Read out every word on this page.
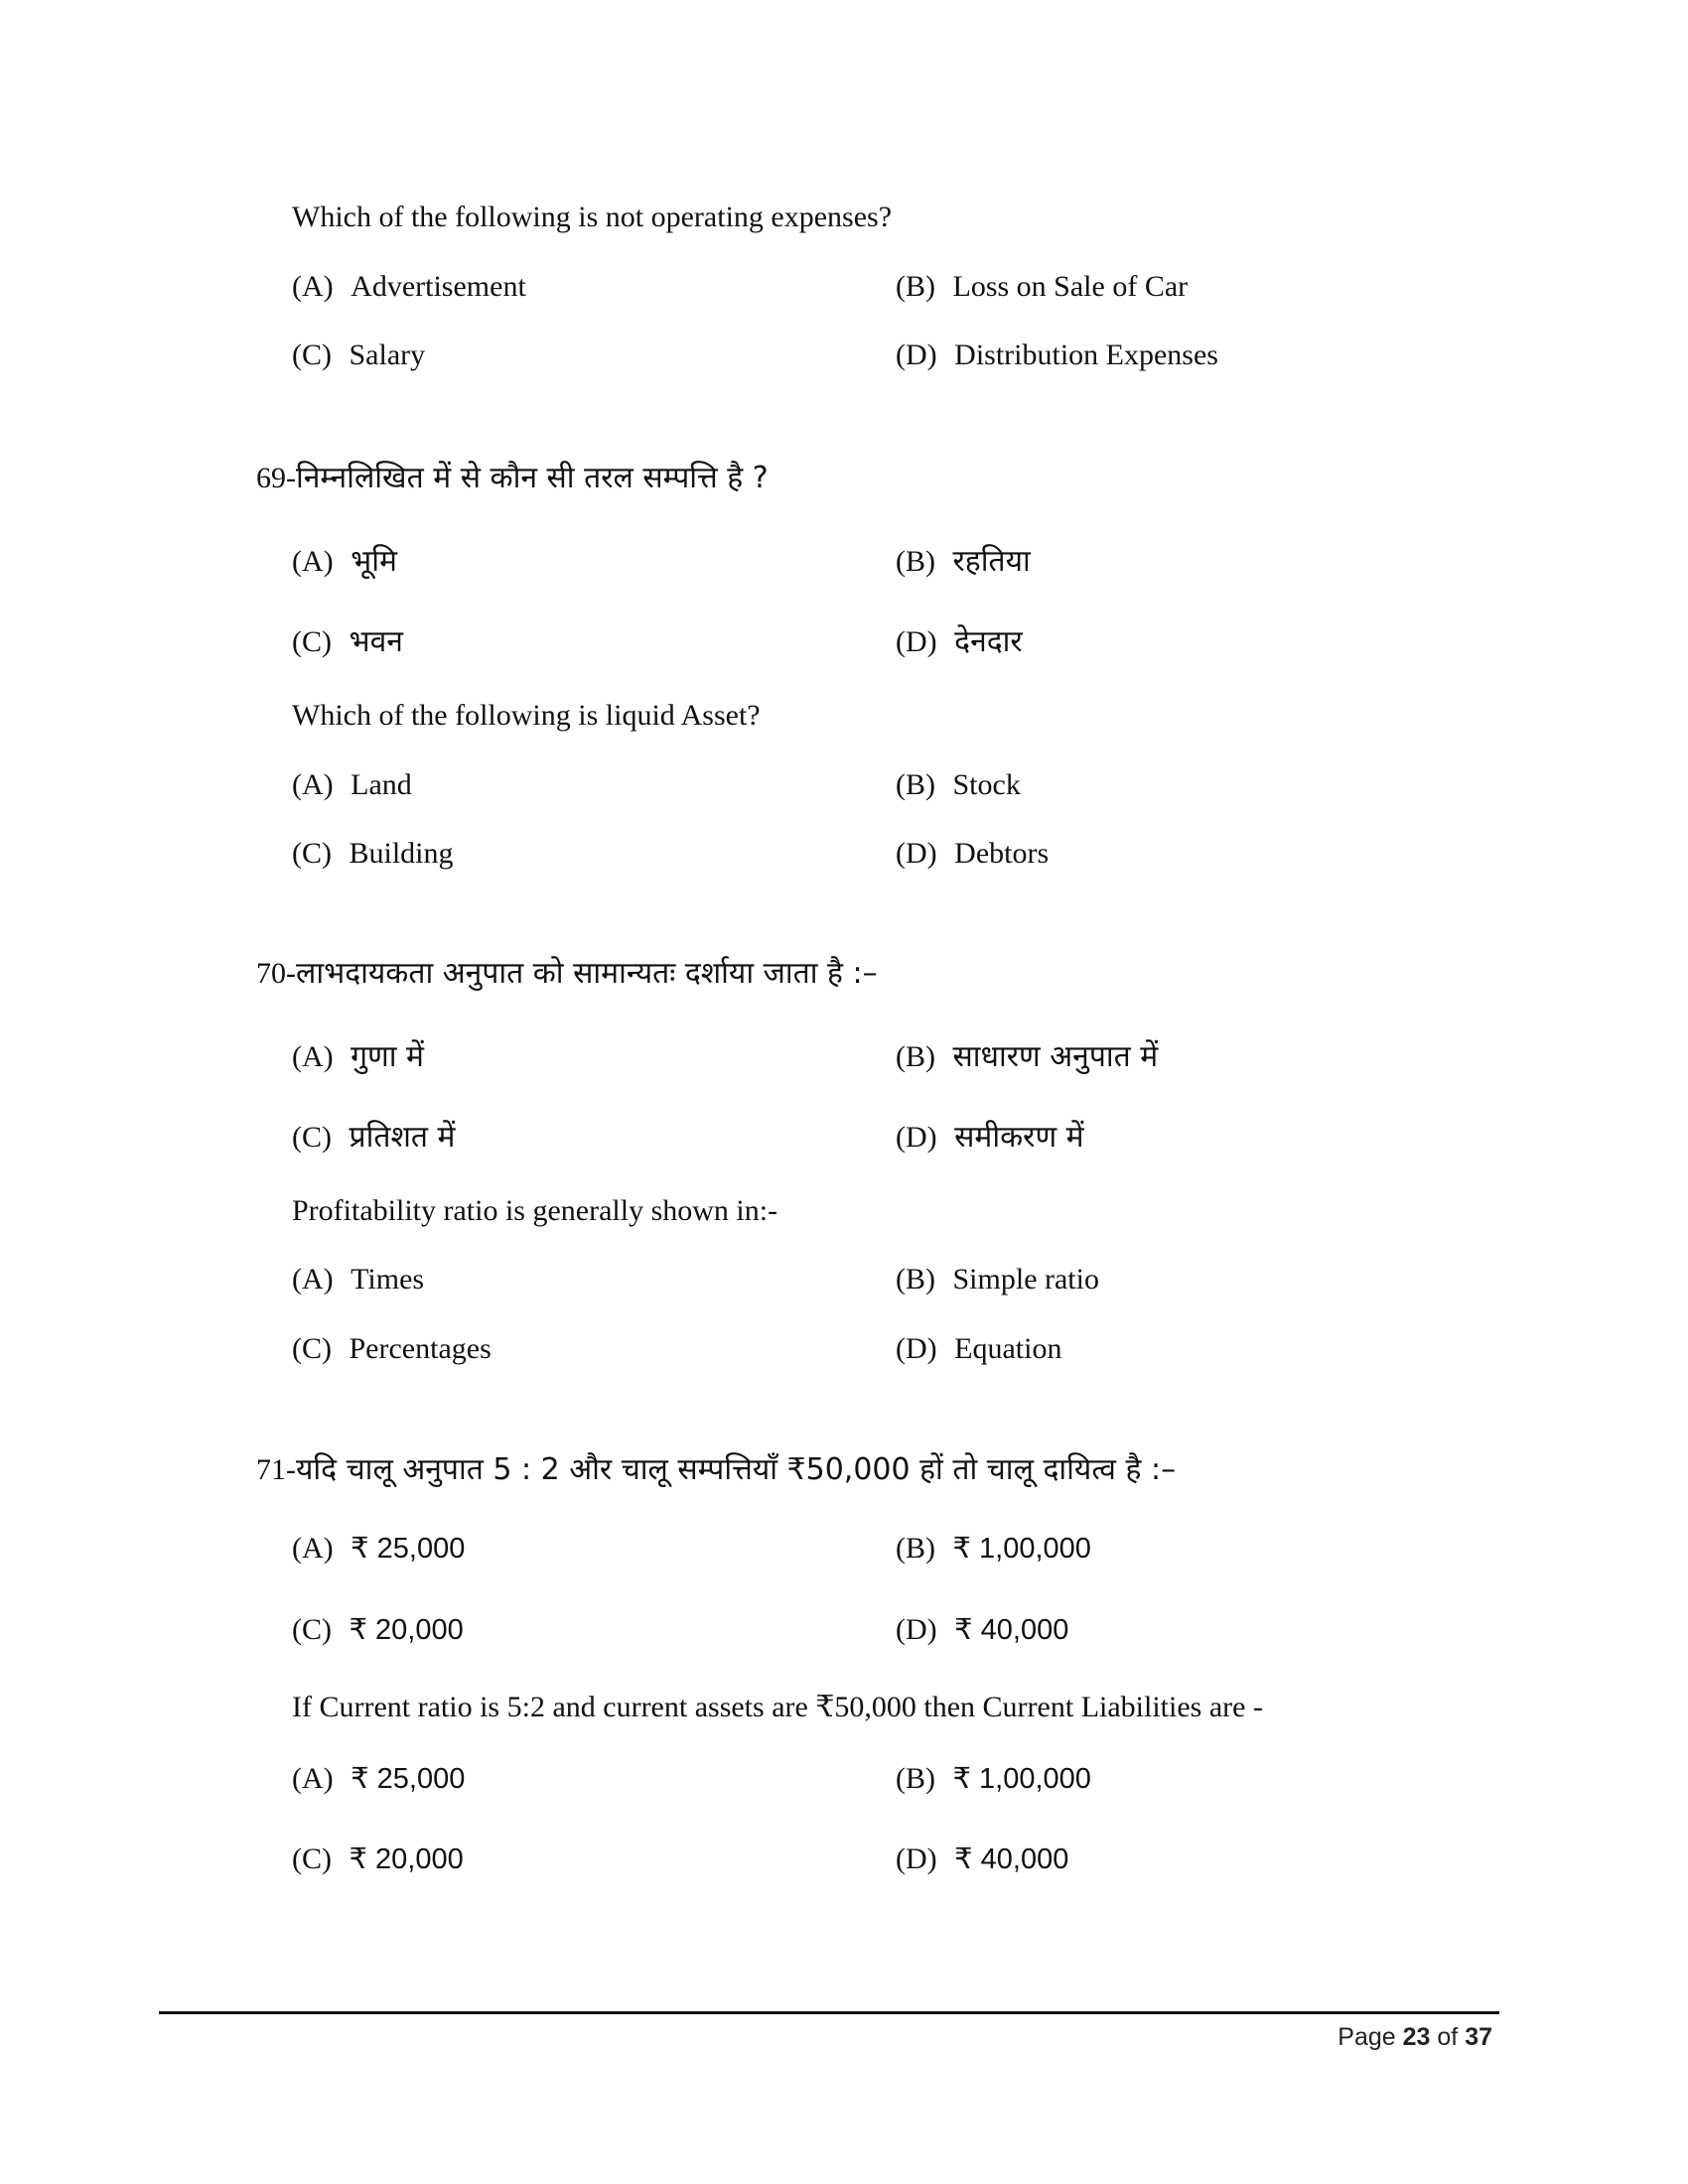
Which of the following is not operating expenses?
(A) Advertisement	(B) Loss on Sale of Car
(C) Salary	(D) Distribution Expenses
69-निम्नलिखित में से कौन सी तरल सम्पत्ति है ?
(A) भूमि	(B) रहतिया
(C) भवन	(D) देनदार
Which of the following is liquid Asset?
(A) Land	(B) Stock
(C) Building	(D) Debtors
70-लाभदायकता अनुपात को सामान्यतः दर्शाया जाता है :–
(A) गुणा में	(B) साधारण अनुपात में
(C) प्रतिशत में	(D) समीकरण में
Profitability ratio is generally shown in:-
(A) Times	(B) Simple ratio
(C) Percentages	(D) Equation
71-यदि चालू अनुपात 5 : 2 और चालू सम्पत्तियाँ ₹50,000 हों तो चालू दायित्व है :–
(A) ₹ 25,000	(B) ₹ 1,00,000
(C) ₹ 20,000	(D) ₹ 40,000
If Current ratio is 5:2 and current assets are ₹50,000 then Current Liabilities are -
(A) ₹ 25,000	(B) ₹ 1,00,000
(C) ₹ 20,000	(D) ₹ 40,000
Page 23 of 37
